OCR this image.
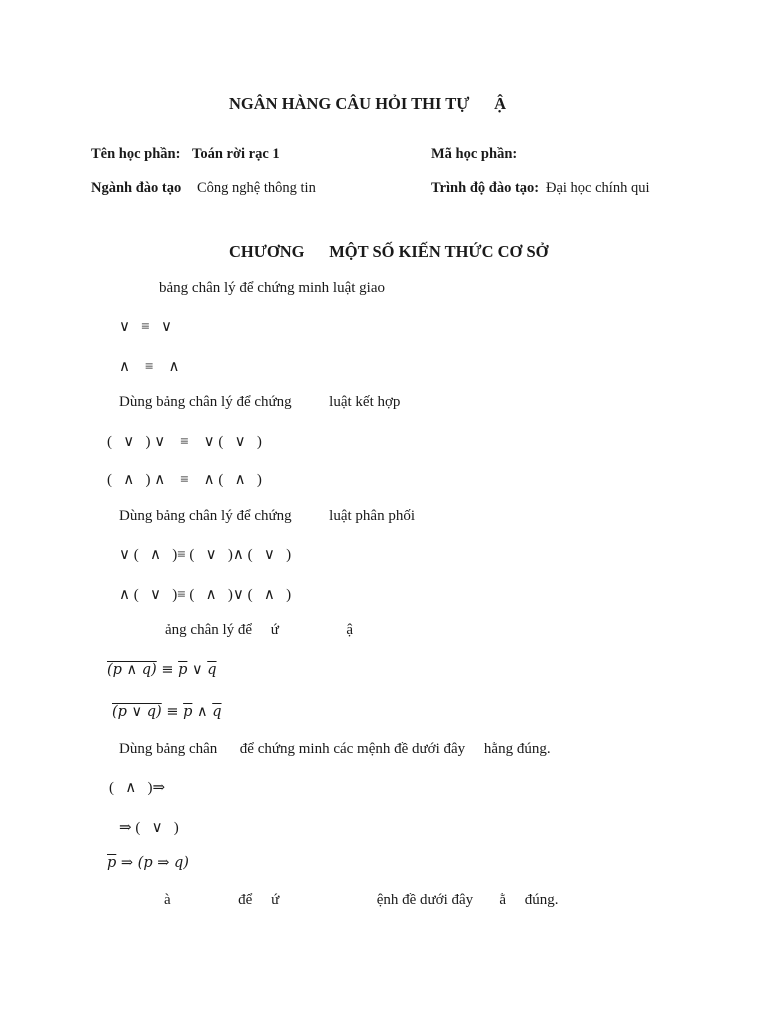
NGÂN HÀNG CÂU HỎI THI TỰ      Ậ
Tên học phần: Toán rời rạc 1	Mã học phần:
Ngành đào tạo Công nghệ thông tin	Trình độ đào tạo: Đại học chính qui
CHƯƠNG      MỘT SỐ KIẾN THỨC CƠ SỞ
bảng chân lý để chứng minh luật giao
∨   ≡   ∨
∧    ≡    ∧
Dùng bảng chân lý để chứng          luật kết hợp
(   ∨   ) ∨    ≡    ∨ (   ∨   )
(   ∧   ) ∧    ≡    ∧ (   ∧   )
Dùng bảng chân lý để chứng          luật phân phối
∨ (   ∧   )≡ (   ∨   )∧ (   ∨   )
∧ (   ∨   )≡ (   ∧   )∨ (   ∧   )
ảng chân lý để     ứ                  ậ
(p ∧ $q) \equiv \overline{p}$ ∨ $\overline{q}$
(p ∨ $q) \equiv \overline{p}$ ∧ $\overline{q}$
Dùng bảng chân      để chứng minh các mệnh đề dưới đây     hằng đúng.
(   ∧   )⇒
⇒ (   ∨   )
$\overline{p}$ ⇒ (p ⇒ q)
à                  để     ứ                          ệnh đề dưới đây       ằ     đúng.
